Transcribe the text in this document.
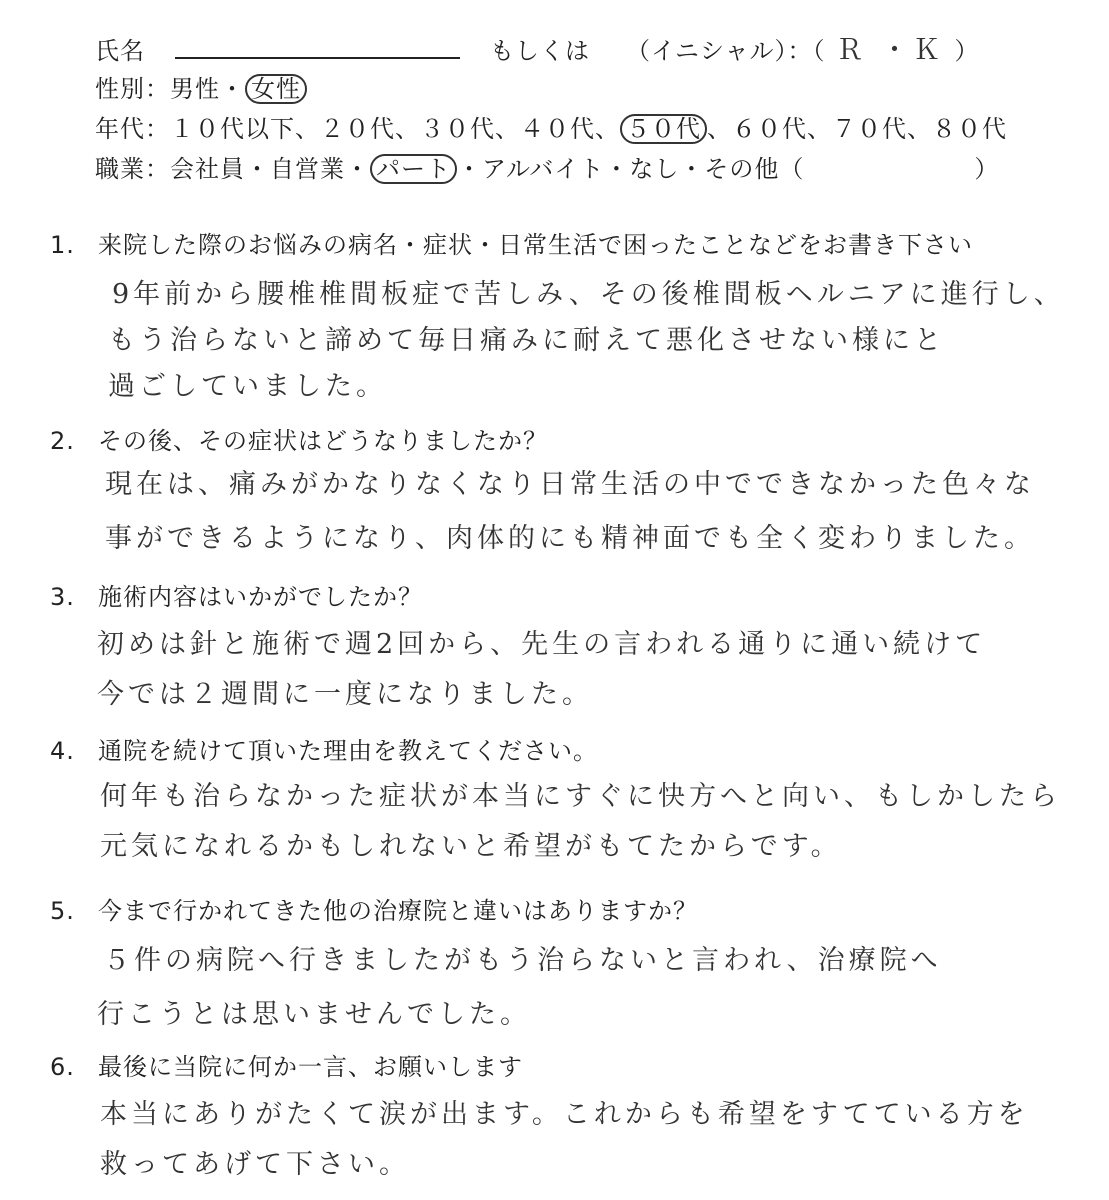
氏名	もしくは （イニシャル）：（ Ｒ ・Ｋ ）
性別：男性・ 女性
年代：１０代以下、２０代、３０代、４０代、 ５０代 、６０代、７０代、８０代
職業：会社員・自営業・ パート ・アルバイト・なし・その他（	）
1. 来院した際のお悩みの病名・症状・日常生活で困ったことなどをお書き下さい
9年前から腰椎椎間板症で苦しみ、その後椎間板ヘルニアに進行し、
もう治らないと諦めて毎日痛みに耐えて悪化させない様にと
過ごしていました。
2. その後、その症状はどうなりましたか？
現在は、痛みがかなりなくなり日常生活の中でできなかった色々な
事ができるようになり、肉体的にも精神面でも全く変わりました。
3. 施術内容はいかがでしたか？
初めは針と施術で週2回から、先生の言われる通りに通い続けて
今では２週間に一度になりました。
4. 通院を続けて頂いた理由を教えてください。
何年も治らなかった症状が本当にすぐに快方へと向い、もしかしたら
元気になれるかもしれないと希望がもてたからです。
5. 今まで行かれてきた他の治療院と違いはありますか？
５件の病院へ行きましたがもう治らないと言われ、治療院へ
行こうとは思いませんでした。
6. 最後に当院に何か一言、お願いします
本当にありがたくて涙が出ます。これからも希望をすてている方を
救ってあげて下さい。
